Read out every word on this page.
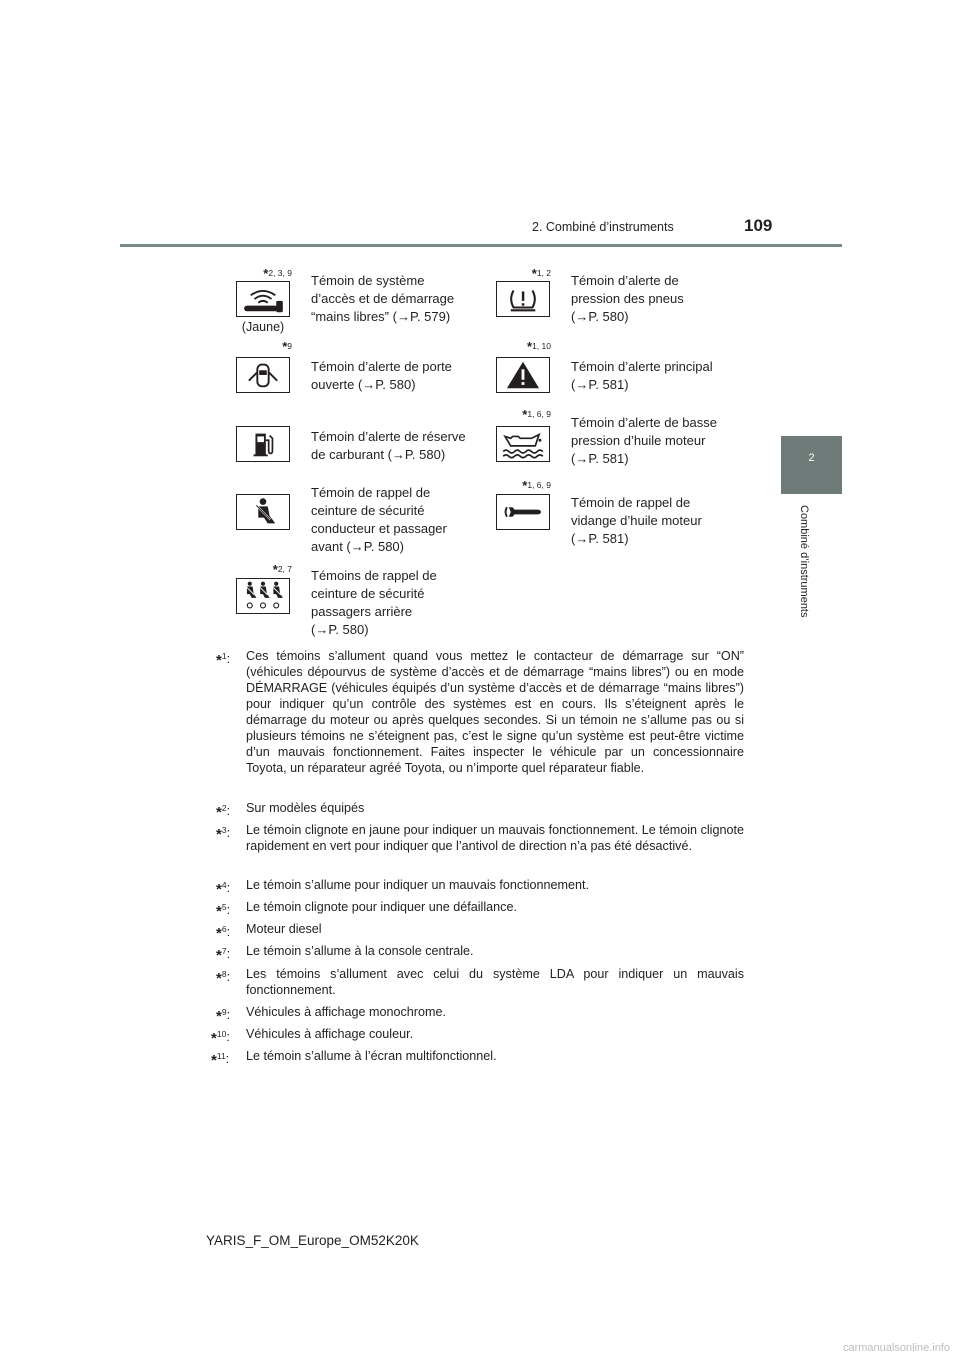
2. Combiné d’instruments	109
2
Combiné d’instruments
*2, 3, 9
(Jaune)
Témoin de système
d’accès et de démarrage
“mains libres” (→P. 579)
*1, 2 Témoin d’alerte de
pression des pneus
(→P. 580)
*9
Témoin d’alerte de porte
ouverte (→P. 580)
*1, 10
Témoin d’alerte principal
(→P. 581)
Témoin d’alerte de réserve
de carburant (→P. 580)
*1, 6, 9
Témoin d’alerte de basse
pression d’huile moteur
(→P. 581)
Témoin de rappel de
ceinture de sécurité
conducteur et passager
avant (→P. 580)
*1, 6, 9
Témoin de rappel de
vidange d’huile moteur
(→P. 581)
*2, 7 Témoins de rappel de
ceinture de sécurité
passagers arrière
(→P. 580)
*$^1$: Ces témoins s’allument quand vous mettez le contacteur de démarrage sur “ON” (véhicules dépourvus de système d’accès et de démarrage “mains libres”) ou en mode DÉMARRAGE (véhicules équipés d’un système d’accès et de démarrage “mains libres”) pour indiquer qu’un contrôle des systèmes est en cours. Ils s’éteignent après le démarrage du moteur ou après quelques secondes. Si un témoin ne s’allume pas ou si plusieurs témoins ne s’éteignent pas, c’est le signe qu’un système est peut-être victime d’un mauvais fonctionnement. Faites inspecter le véhicule par un concessionnaire Toyota, un réparateur agréé Toyota, ou n’importe quel réparateur fiable.
*$^2$: Sur modèles équipés
*$^3$: Le témoin clignote en jaune pour indiquer un mauvais fonctionnement. Le témoin clignote rapidement en vert pour indiquer que l’antivol de direction n’a pas été désactivé.
*$^4$: Le témoin s’allume pour indiquer un mauvais fonctionnement.
*$^5$: Le témoin clignote pour indiquer une défaillance.
*$^6$: Moteur diesel
*$^7$: Le témoin s’allume à la console centrale.
*$^8$: Les témoins s’allument avec celui du système LDA pour indiquer un mauvais fonctionnement.
*$^9$: Véhicules à affichage monochrome.
*$^{10}$: Véhicules à affichage couleur.
*$^{11}$: Le témoin s’allume à l’écran multifonctionnel.
YARIS_F_OM_Europe_OM52K20K
carmanualsonline.info
